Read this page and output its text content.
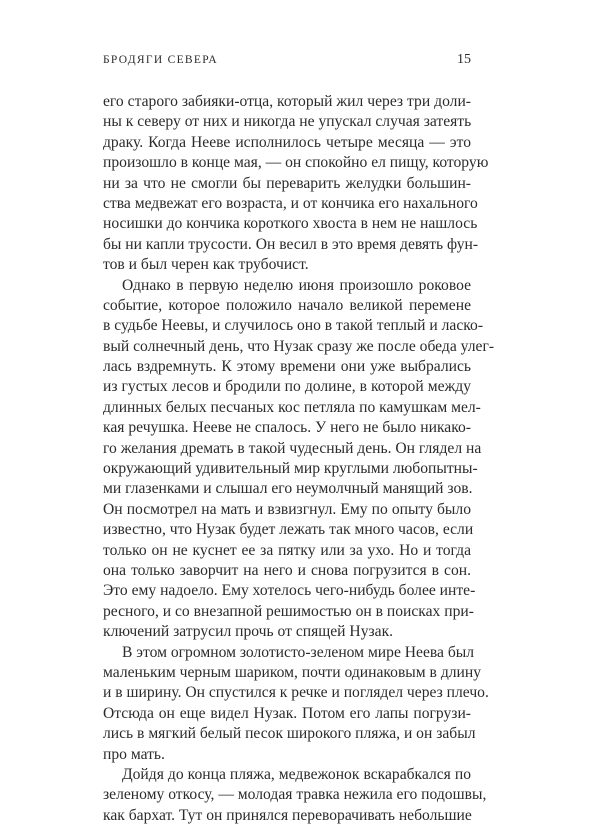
БРОДЯГИ СЕВЕРА	15
его старого забияки-отца, который жил через три доли-
ны к северу от них и никогда не упускал случая затеять
драку. Когда Нееве исполнилось четыре месяца — это
произошло в конце мая, — он спокойно ел пищу, которую
ни за что не смогли бы переварить желудки большин-
ства медвежат его возраста, и от кончика его нахального
носишки до кончика короткого хвоста в нем не нашлось
бы ни капли трусости. Он весил в это время девять фун-
тов и был черен как трубочист.
Однако в первую неделю июня произошло роковое
событие, которое положило начало великой перемене
в судьбе Неевы, и случилось оно в такой теплый и ласко-
вый солнечный день, что Нузак сразу же после обеда улег-
лась вздремнуть. К этому времени они уже выбрались
из густых лесов и бродили по долине, в которой между
длинных белых песчаных кос петляла по камушкам мел-
кая речушка. Нееве не спалось. У него не было никако-
го желания дремать в такой чудесный день. Он глядел на
окружающий удивительный мир круглыми любопытны-
ми глазенками и слышал его неумолчный манящий зов.
Он посмотрел на мать и взвизгнул. Ему по опыту было
известно, что Нузак будет лежать так много часов, если
только он не куснет ее за пятку или за ухо. Но и тогда
она только заворчит на него и снова погрузится в сон.
Это ему надоело. Ему хотелось чего-нибудь более инте-
ресного, и со внезапной решимостью он в поисках при-
ключений затрусил прочь от спящей Нузак.
В этом огромном золотисто-зеленом мире Неева был
маленьким черным шариком, почти одинаковым в длину
и в ширину. Он спустился к речке и поглядел через плечо.
Отсюда он еще видел Нузак. Потом его лапы погрузи-
лись в мягкий белый песок широкого пляжа, и он забыл
про мать.
Дойдя до конца пляжа, медвежонок вскарабкался по
зеленому откосу, — молодая травка нежила его подошвы,
как бархат. Тут он принялся переворачивать небольшие
